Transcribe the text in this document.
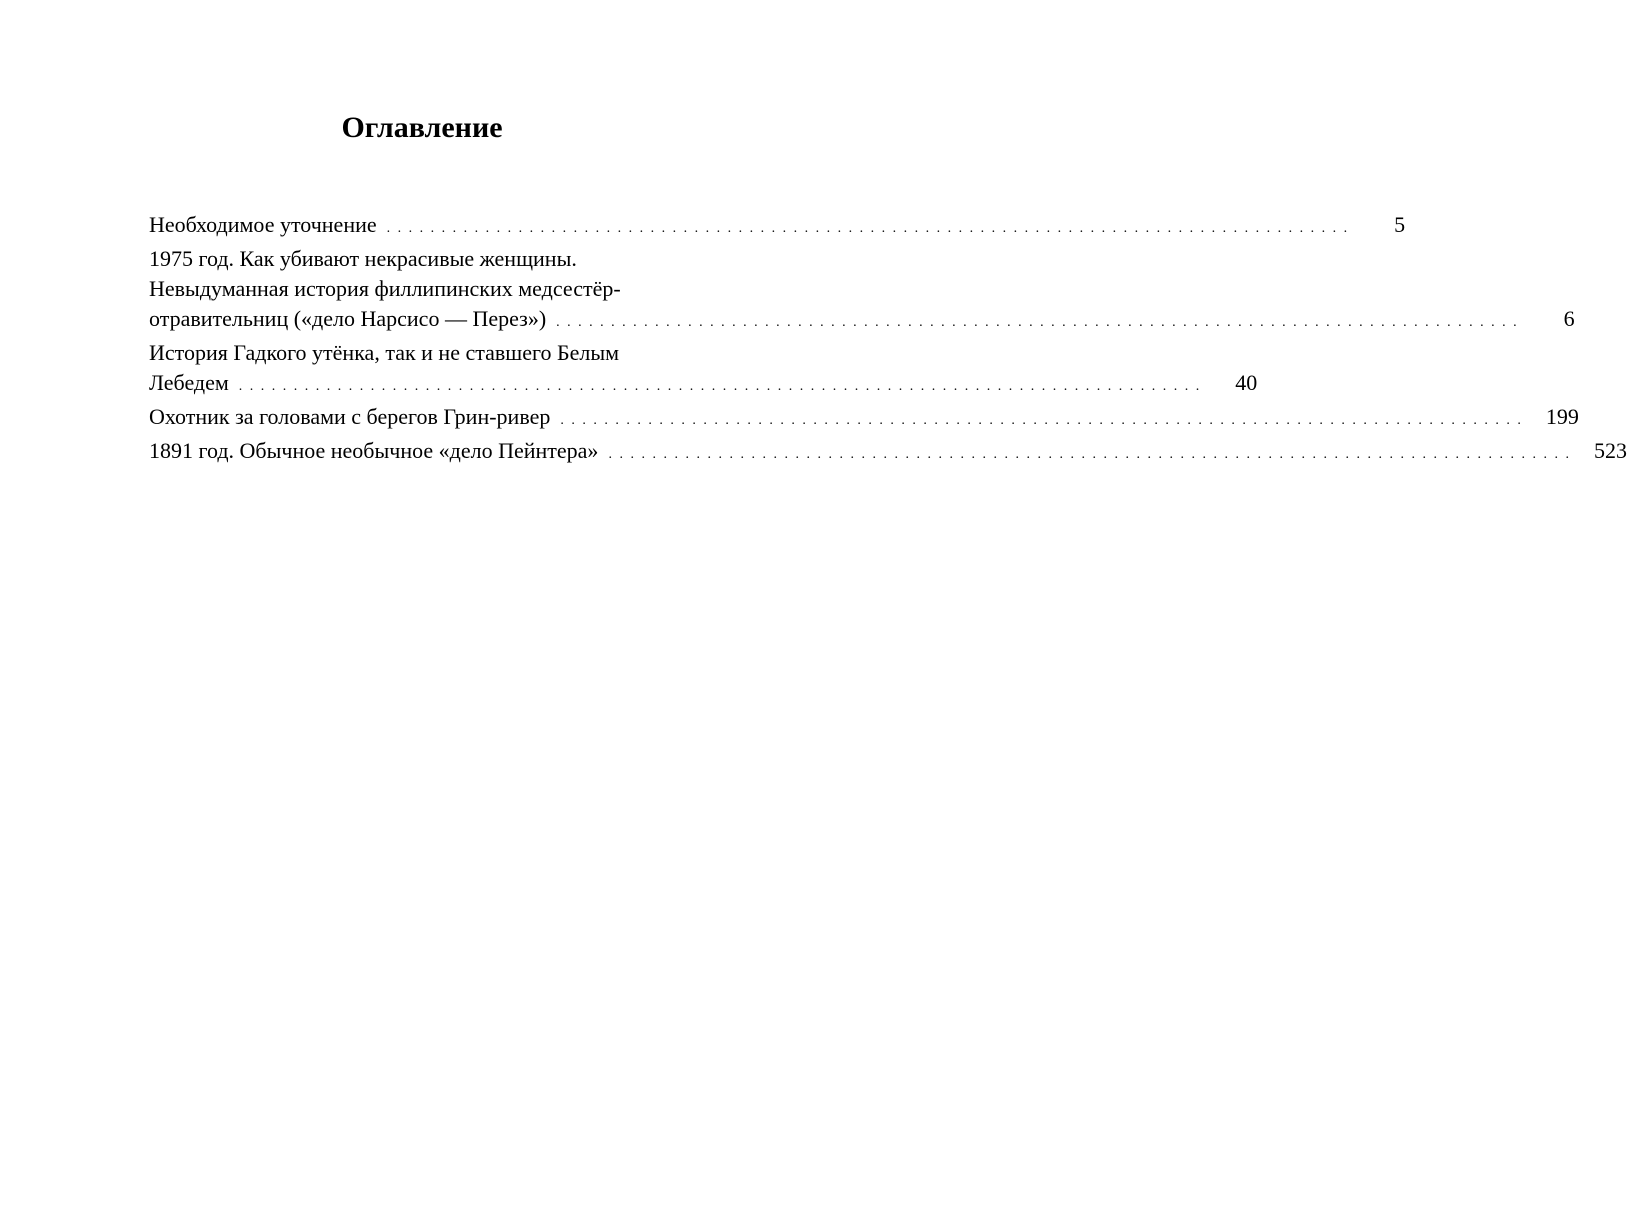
Оглавление
Необходимое уточнение . . . . . . . . . . . . . . . . . . . . . . . . . . . . . . . . . . . . . . . . . . . . . . . . . . . . . . . . . . . . . . . . . . . . . . . . . . . . . . . . . . . . . . . .	5
1975 год. Как убивают некрасивые женщины.
Невыдуманная история филлипинских медсестёр-
отравительниц («дело Нарсисо — Перез») . . . . . . . . . . . . . . . . . . . . . . . . . . . . . . . . . . . . . . . . . . . . . . . . . . . . . . . . . . . . . . . . . . . . . . . . . . . . . . . . . . . . . . . .	6
История Гадкого утёнка, так и не ставшего Белым
Лебедем . . . . . . . . . . . . . . . . . . . . . . . . . . . . . . . . . . . . . . . . . . . . . . . . . . . . . . . . . . . . . . . . . . . . . . . . . . . . . . . . . . . . . . . .	40
Охотник за головами с берегов Грин-ривер . . . . . . . . . . . . . . . . . . . . . . . . . . . . . . . . . . . . . . . . . . . . . . . . . . . . . . . . . . . . . . . . . . . . . . . . . . . . . . . . . . . . . . . .	199
1891 год. Обычное необычное «дело Пейнтера» . . . . . . . . . . . . . . . . . . . . . . . . . . . . . . . . . . . . . . . . . . . . . . . . . . . . . . . . . . . . . . . . . . . . . . . . . . . . . . . . . . . . . . . .	523
